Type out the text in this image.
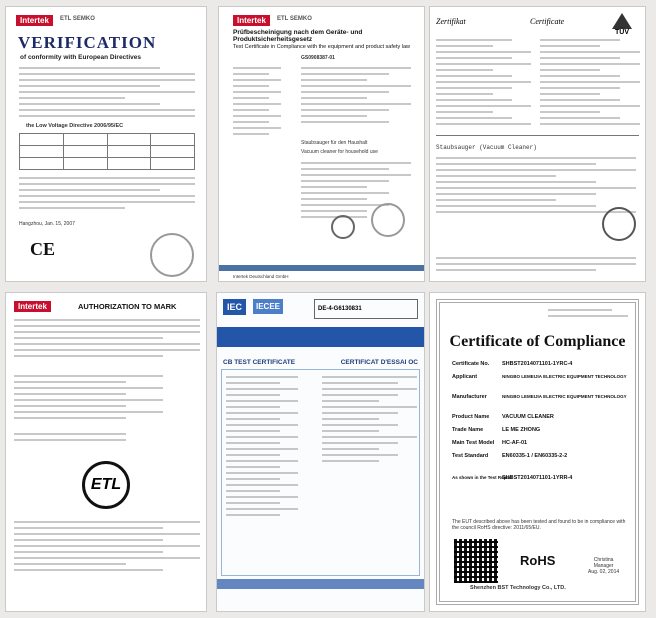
Intertek	ETL SEMKO
VERIFICATION
of conformity with European Directives
the Low Voltage Directive 2006/95/EC

Hangzhou, Jan. 15, 2007
CE
Intertek	ETL SEMKO
Prüfbescheinigung nach dem Geräte- und Produktsicherheitsgesetz
Test Certificate in Compliance with the equipment and product safety law
GS0908387-01
Staubsauger für den Haushalt
Vacuum cleaner for household use
Intertek Deutschland GmbH
Zertifikat	Certificate
TÜV
Staubsauger (Vacuum Cleaner)
Intertek	AUTHORIZATION TO MARK
ETL
IEC	IECEE	DE-4-G6130831
CB TEST CERTIFICATE	CERTIFICAT D'ESSAI OC
Certificate of Compliance
Certificate No. SHBST2014071101-1YRC-4
Applicant	NINGBO LEMEIJIA ELECTRIC EQUIPMENT TECHNOLOGY
Manufacturer	NINGBO LEMEIJIA ELECTRIC EQUIPMENT TECHNOLOGY
Product Name VACUUM CLEANER
Trade Name	LE ME ZHONG
Main Test Model HC-AF-01
Test Standard EN60335-1 / EN60335-2-2
As shown in the Test Report
SHBST2014071101-1YRR-4
The EUT described above has been tested and found to be in compliance with the council RoHS directive: 2011/65/EU.
RoHS	Christina
Manager
Aug. 02, 2014
Shenzhen BST Technology Co., LTD.
